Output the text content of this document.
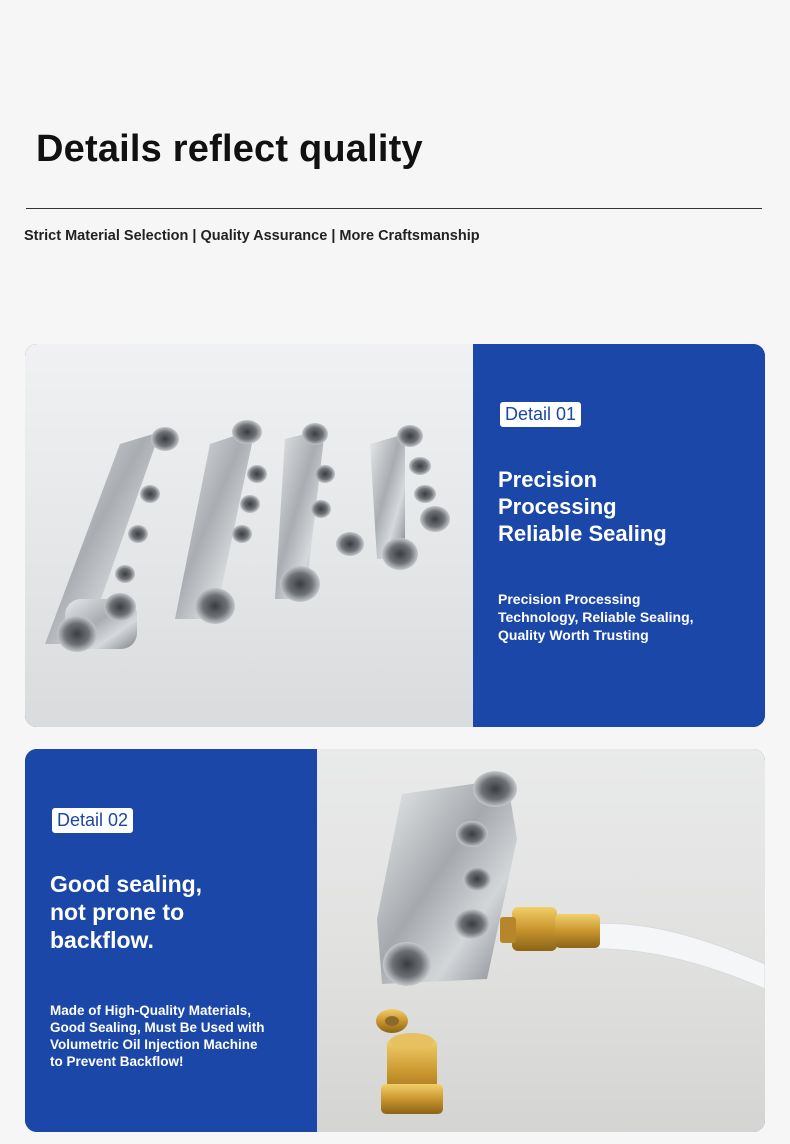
Details reflect quality
Strict Material Selection | Quality Assurance | More Craftsmanship
Detail 01
Precision
Processing
Reliable Sealing
Precision Processing
Technology, Reliable Sealing,
Quality Worth Trusting
Detail 02
Good sealing,
not prone to
backflow.
Made of High-Quality Materials,
Good Sealing, Must Be Used with
Volumetric Oil Injection Machine
to Prevent Backflow!
